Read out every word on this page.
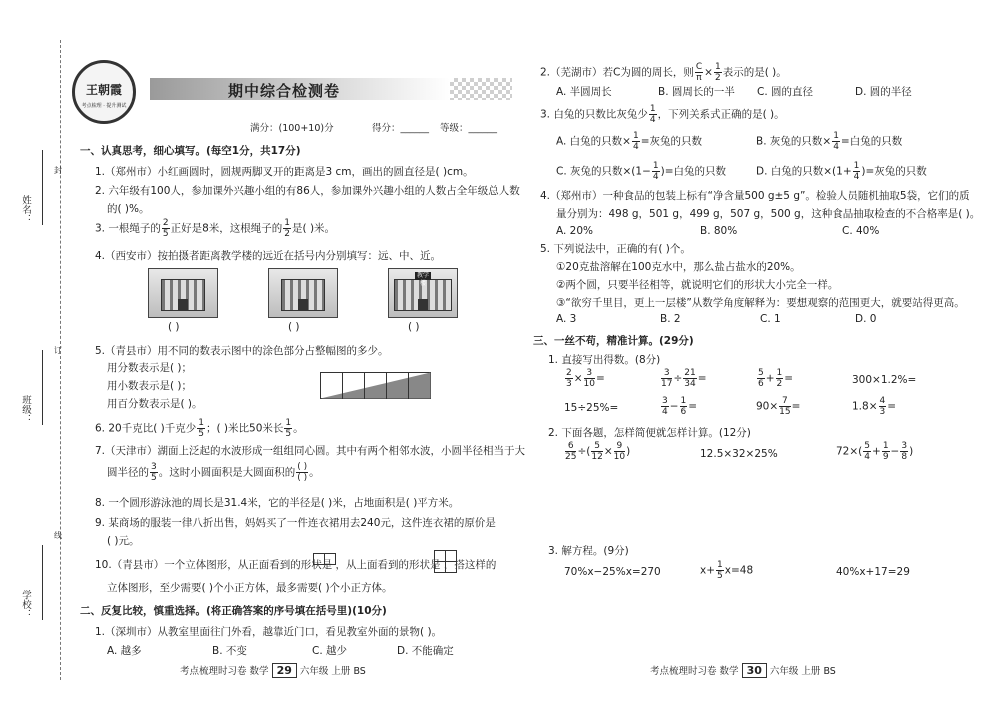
姓名：
班级：
学校：
封
订
线
王朝霞
考点梳理 · 提升测试
期中综合检测卷
满分：(100+10)分	得分：______ 等级：______
一、认真思考，细心填写。(每空1分，共17分)
1.（郑州市）小红画圆时，圆规两脚叉开的距离是3 cm，画出的圆直径是( )cm。
2. 六年级有100人，参加课外兴趣小组的有86人，参加课外兴趣小组的人数占全年级总人数
的( )%。
3. 一根绳子的 $\frac{2}{5}$ 正好是8米，这根绳子的 $\frac{1}{2}$ 是( )米。
4.（西安市）按拍摄者距离教学楼的远近在括号内分别填写：远、中、近。
教学楼
( )	( )	( )
5.（青县市）用不同的数表示图中的涂色部分占整幅图的多少。
用分数表示是( )；
用小数表示是( )；
用百分数表示是( )。
6. 20千克比( )千克少 $\frac{1}{5}$ ；( )米比50米长 $\frac{1}{5}$ 。
7.（天津市）湖面上泛起的水波形成一组组同心圆。其中有两个相邻水波，小圆半径相当于大
圆半径的 $\frac{3}{5}$ 。这时小圆面积是大圆面积的 $\frac{( )}{( )}$ 。
8. 一个圆形游泳池的周长是31.4米，它的半径是( )米，占地面积是( )平方米。
9. 某商场的服装一律八折出售，妈妈买了一件连衣裙用去240元，这件连衣裙的原价是
( )元。
10.（青县市）一个立体图形，从正面看到的形状是 ，从上面看到的形状是 ，搭这样的
立体图形，至少需要( )个小正方体，最多需要( )个小正方体。
二、反复比较，慎重选择。(将正确答案的序号填在括号里)(10分)
1.（深圳市）从教室里面往门外看，越靠近门口，看见教室外面的景物( )。
A. 越多	B. 不变	C. 越少	D. 不能确定
考点梳理时习卷 数学 29 六年级 上册 BS
2.（芜湖市）若C为圆的周长，则 $\frac{C}{\pi} \times \frac{1}{2}$ 表示的是( )。
A. 半圆周长	B. 圆周长的一半 C. 圆的直径	D. 圆的半径
3. 白兔的只数比灰兔少 $\frac{1}{4}$ ，下列关系式正确的是( )。
A. 白兔的只数× $\frac{1}{4}$ =灰兔的只数	B. 灰兔的只数× $\frac{1}{4}$ =白兔的只数
C. 灰兔的只数$\times(1- \frac{1}{4}$ )=白兔的只数	D. 白兔的只数$\times(1+ \frac{1}{4}$ )=灰兔的只数
4.（郑州市）一种食品的包装上标有“净含量500 g±5 g”。检验人员随机抽取5袋，它们的质
量分别为：498 g，501 g，499 g，507 g，500 g，这种食品抽取检查的不合格率是( )。
A. 20%	B. 80%	C. 40%
5. 下列说法中，正确的有( )个。
①20克盐溶解在100克水中，那么盐占盐水的20%。
②两个圆，只要半径相等，就说明它们的形状大小完全一样。
③“欲穷千里目，更上一层楼”从数学角度解释为：要想观察的范围更大，就要站得更高。
A. 3	B. 2	C. 1	D. 0
三、一丝不苟，精准计算。(29分)
1. 直接写出得数。(8分)
$\frac{2}{3} \times \frac{3}{10}$ =	$\frac{3}{17} \div \frac{21}{34}$ =	$\frac{5}{6} + \frac{1}{2}$ =	300×1.2%=
15÷25%=	$\frac{3}{4} - \frac{1}{6}$ =	$90\times \frac{7}{15}$ =	$1.8\times \frac{4}{3}$ =
2. 下面各题，怎样简便就怎样计算。(12分)
$\frac{6}{25}$ ÷( $\frac{5}{12} \times \frac{9}{10}$ )	12.5×32×25%	$72\times( \frac{5}{4} + \frac{1}{9} - \frac{3}{8}$ )
3. 解方程。(9分)
70%x−25%x=270	$x+ \frac{1}{5} x=48$	40%x+17=29
考点梳理时习卷 数学 30 六年级 上册 BS
